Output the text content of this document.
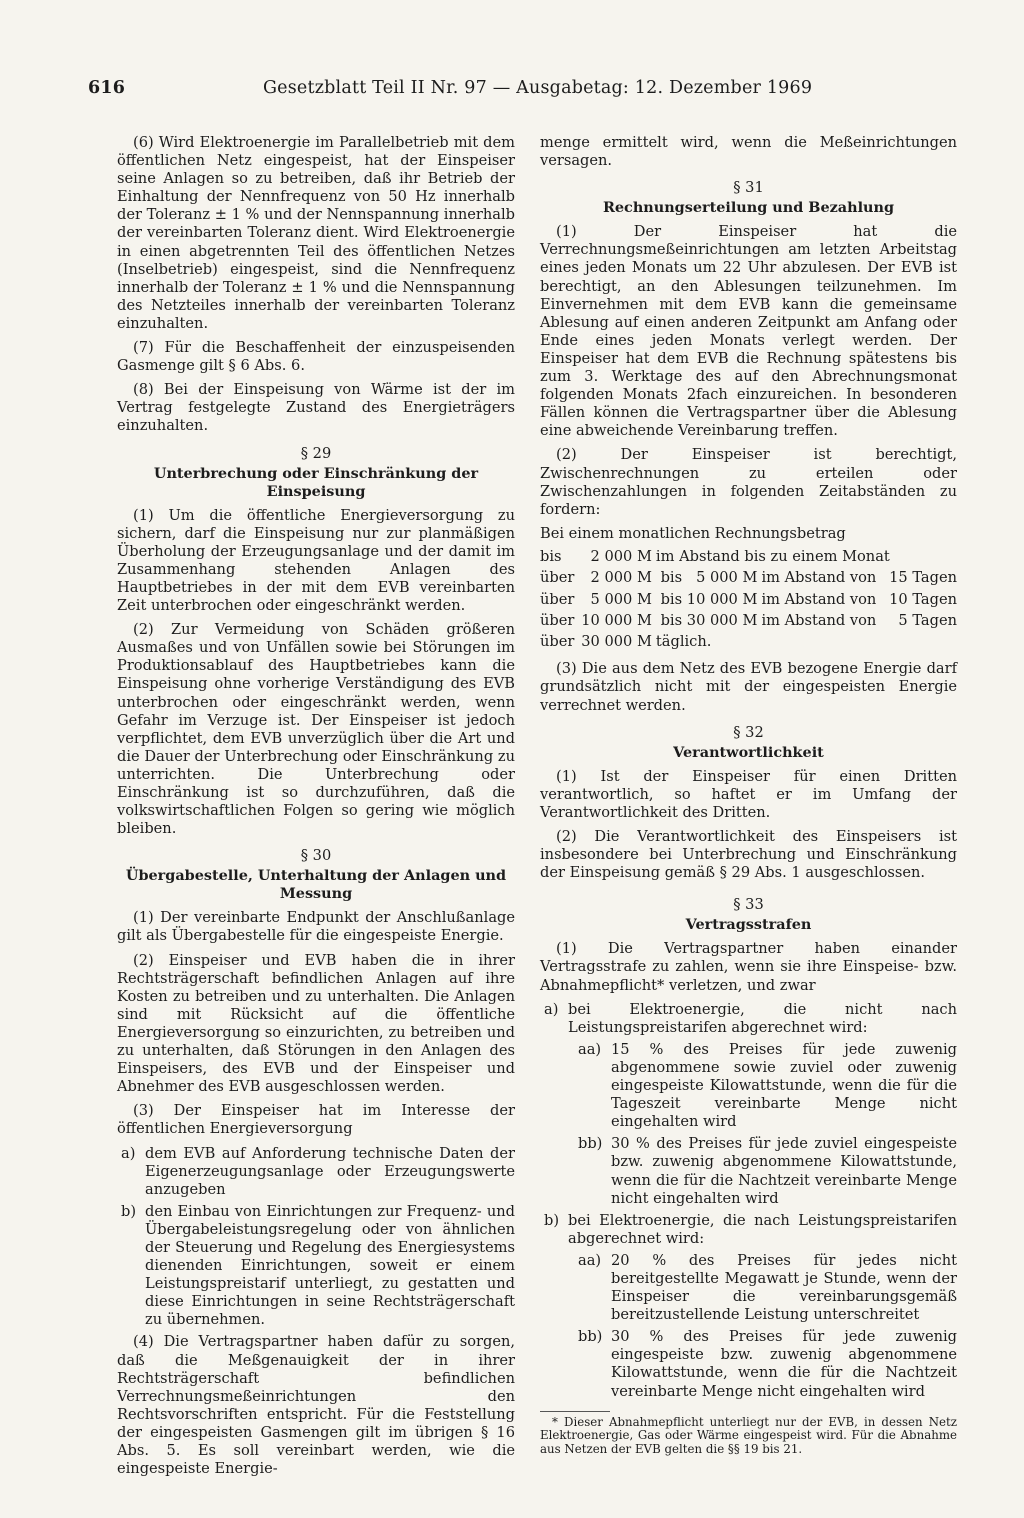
616	Gesetzblatt Teil II Nr. 97 — Ausgabetag: 12. Dezember 1969

(6) Wird Elektroenergie im Parallelbetrieb mit dem öffentlichen Netz eingespeist, hat der Einspeiser seine Anlagen so zu betreiben, daß ihr Betrieb der Einhaltung der Nennfrequenz von 50 Hz innerhalb der Toleranz ± 1 % und der Nennspannung innerhalb der vereinbarten Toleranz dient. Wird Elektroenergie in einen abgetrennten Teil des öffentlichen Netzes (Inselbetrieb) eingespeist, sind die Nennfrequenz innerhalb der Toleranz ± 1 % und die Nennspannung des Netzteiles innerhalb der vereinbarten Toleranz einzuhalten.

(7) Für die Beschaffenheit der einzuspeisenden Gasmenge gilt § 6 Abs. 6.

(8) Bei der Einspeisung von Wärme ist der im Vertrag festgelegte Zustand des Energieträgers einzuhalten.

§ 29
Unterbrechung oder Einschränkung der Einspeisung

(1) Um die öffentliche Energieversorgung zu sichern, darf die Einspeisung nur zur planmäßigen Überholung der Erzeugungsanlage und der damit im Zusammenhang stehenden Anlagen des Hauptbetriebes in der mit dem EVB vereinbarten Zeit unterbrochen oder eingeschränkt werden.

(2) Zur Vermeidung von Schäden größeren Ausmaßes und von Unfällen sowie bei Störungen im Produktionsablauf des Hauptbetriebes kann die Einspeisung ohne vorherige Verständigung des EVB unterbrochen oder eingeschränkt werden, wenn Gefahr im Verzuge ist. Der Einspeiser ist jedoch verpflichtet, dem EVB unverzüglich über die Art und die Dauer der Unterbrechung oder Einschränkung zu unterrichten. Die Unterbrechung oder Einschränkung ist so durchzuführen, daß die volkswirtschaftlichen Folgen so gering wie möglich bleiben.

§ 30
Übergabestelle, Unterhaltung der Anlagen und Messung

(1) Der vereinbarte Endpunkt der Anschlußanlage gilt als Übergabestelle für die eingespeiste Energie.

(2) Einspeiser und EVB haben die in ihrer Rechtsträgerschaft befindlichen Anlagen auf ihre Kosten zu betreiben und zu unterhalten. Die Anlagen sind mit Rücksicht auf die öffentliche Energieversorgung so einzurichten, zu betreiben und zu unterhalten, daß Störungen in den Anlagen des Einspeisers, des EVB und der Einspeiser und Abnehmer des EVB ausgeschlossen werden.

(3) Der Einspeiser hat im Interesse der öffentlichen Energieversorgung

a) dem EVB auf Anforderung technische Daten der Eigenerzeugungsanlage oder Erzeugungswerte anzugeben
b) den Einbau von Einrichtungen zur Frequenz- und Übergabeleistungsregelung oder von ähnlichen der Steuerung und Regelung des Energiesystems dienenden Einrichtungen, soweit er einem Leistungspreistarif unterliegt, zu gestatten und diese Einrichtungen in seine Rechtsträgerschaft zu übernehmen.

(4) Die Vertragspartner haben dafür zu sorgen, daß die Meßgenauigkeit der in ihrer Rechtsträgerschaft befindlichen Verrechnungsmeßeinrichtungen den Rechtsvorschriften entspricht. Für die Feststellung der eingespeisten Gasmengen gilt im übrigen § 16 Abs. 5. Es soll vereinbart werden, wie die eingespeiste Energie-

menge ermittelt wird, wenn die Meßeinrichtungen versagen.

§ 31
Rechnungserteilung und Bezahlung

(1) Der Einspeiser hat die Verrechnungsmeßeinrichtungen am letzten Arbeitstag eines jeden Monats um 22 Uhr abzulesen. Der EVB ist berechtigt, an den Ablesungen teilzunehmen. Im Einvernehmen mit dem EVB kann die gemeinsame Ablesung auf einen anderen Zeitpunkt am Anfang oder Ende eines jeden Monats verlegt werden. Der Einspeiser hat dem EVB die Rechnung spätestens bis zum 3. Werktage des auf den Abrechnungsmonat folgenden Monats 2fach einzureichen. In besonderen Fällen können die Vertragspartner über die Ablesung eine abweichende Vereinbarung treffen.

(2) Der Einspeiser ist berechtigt, Zwischenrechnungen zu erteilen oder Zwischenzahlungen in folgenden Zeitabständen zu fordern:

Bei einem monatlichen Rechnungsbetrag
bis	2 000 M	im Abstand bis zu einem Monat			
über	2 000 M	bis	5 000 M	im Abstand von	15 Tagen
über	5 000 M	bis	10 000 M	im Abstand von	10 Tagen
über	10 000 M	bis	30 000 M	im Abstand von	5 Tagen
über	30 000 M	täglich.			

(3) Die aus dem Netz des EVB bezogene Energie darf grundsätzlich nicht mit der eingespeisten Energie verrechnet werden.

§ 32
Verantwortlichkeit

(1) Ist der Einspeiser für einen Dritten verantwortlich, so haftet er im Umfang der Verantwortlichkeit des Dritten.

(2) Die Verantwortlichkeit des Einspeisers ist insbesondere bei Unterbrechung und Einschränkung der Einspeisung gemäß § 29 Abs. 1 ausgeschlossen.

§ 33
Vertragsstrafen

(1) Die Vertragspartner haben einander Vertragsstrafe zu zahlen, wenn sie ihre Einspeise- bzw. Abnahmepflicht* verletzen, und zwar

a) bei Elektroenergie, die nicht nach Leistungspreistarifen abgerechnet wird:
aa) 15 % des Preises für jede zuwenig abgenommene sowie zuviel oder zuwenig eingespeiste Kilowattstunde, wenn die für die Tageszeit vereinbarte Menge nicht eingehalten wird
bb) 30 % des Preises für jede zuviel eingespeiste bzw. zuwenig abgenommene Kilowattstunde, wenn die für die Nachtzeit vereinbarte Menge nicht eingehalten wird
b) bei Elektroenergie, die nach Leistungspreistarifen abgerechnet wird:
aa) 20 % des Preises für jedes nicht bereitgestellte Megawatt je Stunde, wenn der Einspeiser die vereinbarungsgemäß bereitzustellende Leistung unterschreitet
bb) 30 % des Preises für jede zuwenig eingespeiste bzw. zuwenig abgenommene Kilowattstunde, wenn die für die Nachtzeit vereinbarte Menge nicht eingehalten wird
* Dieser Abnahmepflicht unterliegt nur der EVB, in dessen Netz Elektroenergie, Gas oder Wärme eingespeist wird. Für die Abnahme aus Netzen der EVB gelten die §§ 19 bis 21.
